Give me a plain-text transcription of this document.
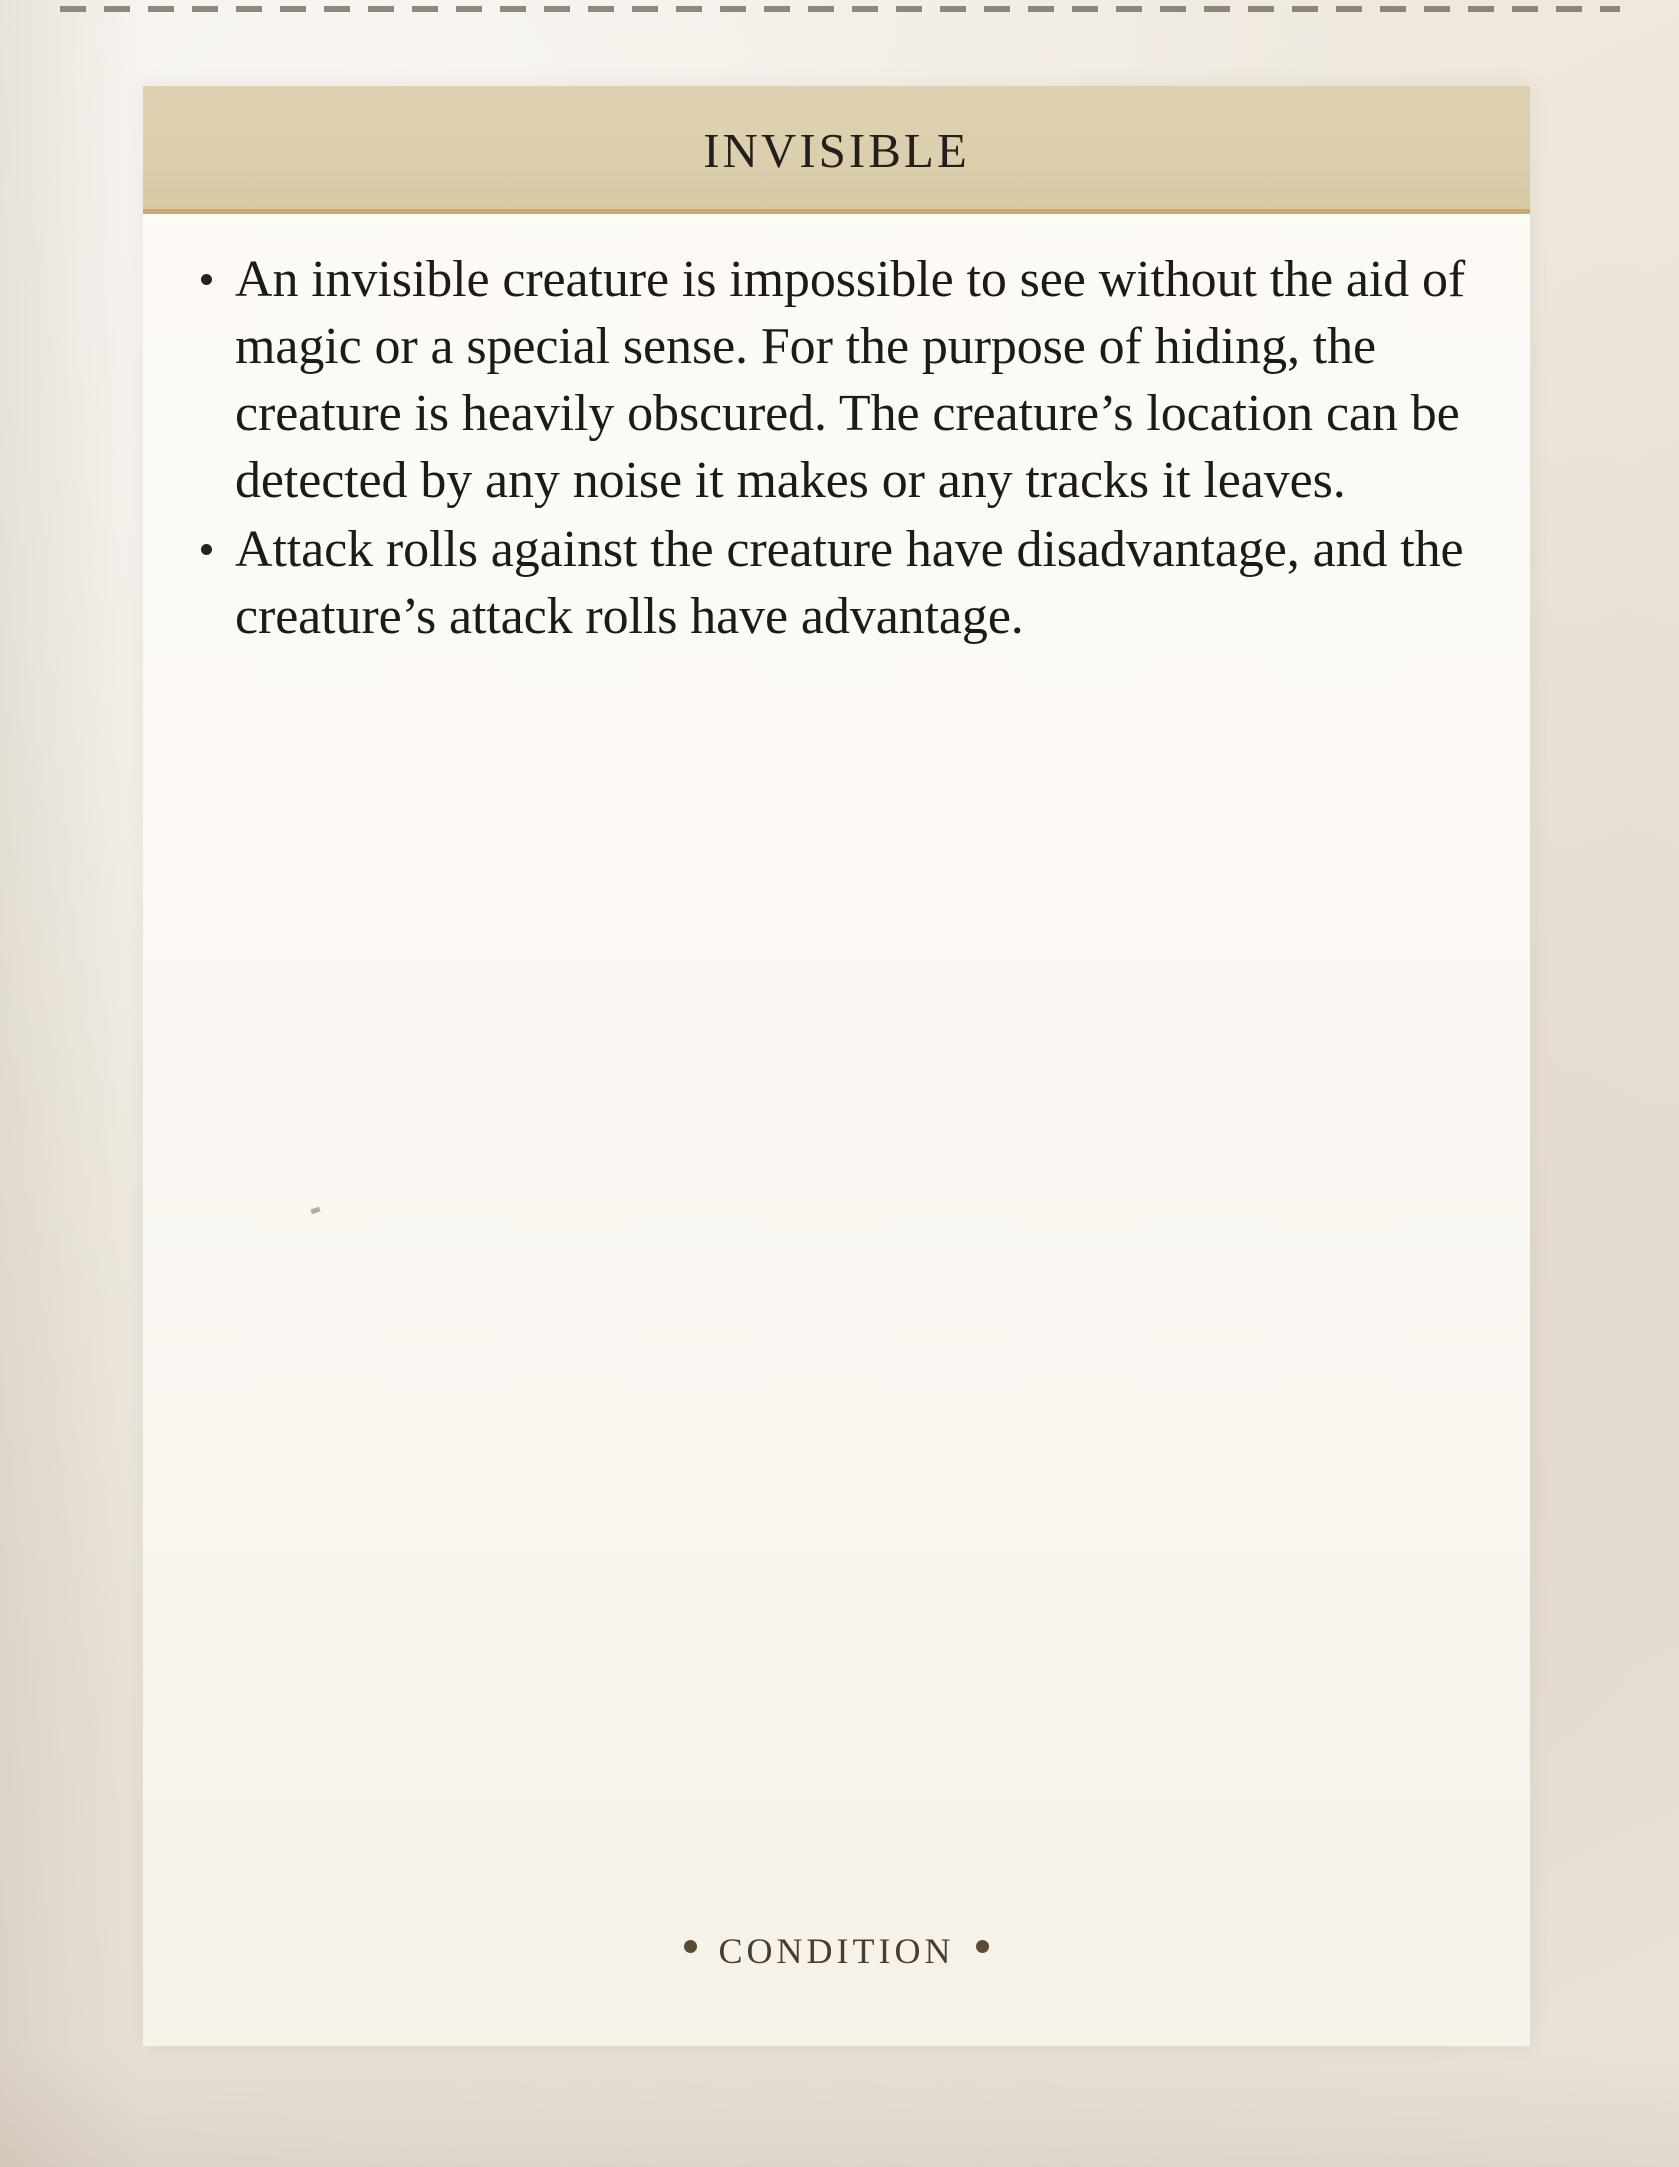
invisible
An invisible creature is impossible to see without the aid of magic or a special sense. For the purpose of hiding, the creature is heavily obscured. The creature’s location can be detected by any noise it makes or any tracks it leaves.
Attack rolls against the creature have disadvantage, and the creature’s attack rolls have advantage.
condition
